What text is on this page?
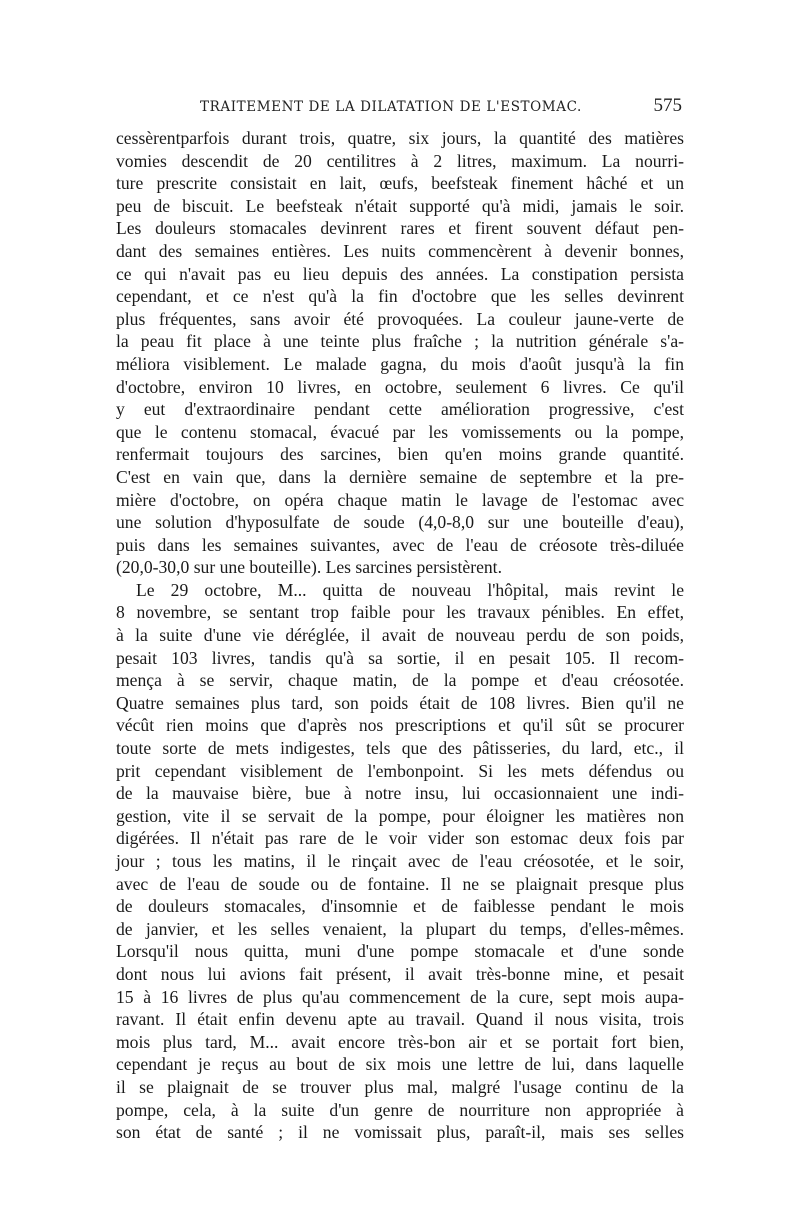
TRAITEMENT DE LA DILATATION DE L'ESTOMAC.	575
cessèrentparfois durant trois, quatre, six jours, la quantité des matières
vomies descendit de 20 centilitres à 2 litres, maximum. La nourri-
ture prescrite consistait en lait, œufs, beefsteak finement hâché et un
peu de biscuit. Le beefsteak n'était supporté qu'à midi, jamais le soir.
Les douleurs stomacales devinrent rares et firent souvent défaut pen-
dant des semaines entières. Les nuits commencèrent à devenir bonnes,
ce qui n'avait pas eu lieu depuis des années. La constipation persista
cependant, et ce n'est qu'à la fin d'octobre que les selles devinrent
plus fréquentes, sans avoir été provoquées. La couleur jaune-verte de
la peau fit place à une teinte plus fraîche ; la nutrition générale s'a-
méliora visiblement. Le malade gagna, du mois d'août jusqu'à la fin
d'octobre, environ 10 livres, en octobre, seulement 6 livres. Ce qu'il
y eut d'extraordinaire pendant cette amélioration progressive, c'est
que le contenu stomacal, évacué par les vomissements ou la pompe,
renfermait toujours des sarcines, bien qu'en moins grande quantité.
C'est en vain que, dans la dernière semaine de septembre et la pre-
mière d'octobre, on opéra chaque matin le lavage de l'estomac avec
une solution d'hyposulfate de soude (4,0-8,0 sur une bouteille d'eau),
puis dans les semaines suivantes, avec de l'eau de créosote très-diluée
(20,0-30,0 sur une bouteille). Les sarcines persistèrent.
Le 29 octobre, M... quitta de nouveau l'hôpital, mais revint le
8 novembre, se sentant trop faible pour les travaux pénibles. En effet,
à la suite d'une vie déréglée, il avait de nouveau perdu de son poids,
pesait 103 livres, tandis qu'à sa sortie, il en pesait 105. Il recom-
mença à se servir, chaque matin, de la pompe et d'eau créosotée.
Quatre semaines plus tard, son poids était de 108 livres. Bien qu'il ne
vécût rien moins que d'après nos prescriptions et qu'il sût se procurer
toute sorte de mets indigestes, tels que des pâtisseries, du lard, etc., il
prit cependant visiblement de l'embonpoint. Si les mets défendus ou
de la mauvaise bière, bue à notre insu, lui occasionnaient une indi-
gestion, vite il se servait de la pompe, pour éloigner les matières non
digérées. Il n'était pas rare de le voir vider son estomac deux fois par
jour ; tous les matins, il le rinçait avec de l'eau créosotée, et le soir,
avec de l'eau de soude ou de fontaine. Il ne se plaignait presque plus
de douleurs stomacales, d'insomnie et de faiblesse pendant le mois
de janvier, et les selles venaient, la plupart du temps, d'elles-mêmes.
Lorsqu'il nous quitta, muni d'une pompe stomacale et d'une sonde
dont nous lui avions fait présent, il avait très-bonne mine, et pesait
15 à 16 livres de plus qu'au commencement de la cure, sept mois aupa-
ravant. Il était enfin devenu apte au travail. Quand il nous visita, trois
mois plus tard, M... avait encore très-bon air et se portait fort bien,
cependant je reçus au bout de six mois une lettre de lui, dans laquelle
il se plaignait de se trouver plus mal, malgré l'usage continu de la
pompe, cela, à la suite d'un genre de nourriture non appropriée à
son état de santé ; il ne vomissait plus, paraît-il, mais ses selles
